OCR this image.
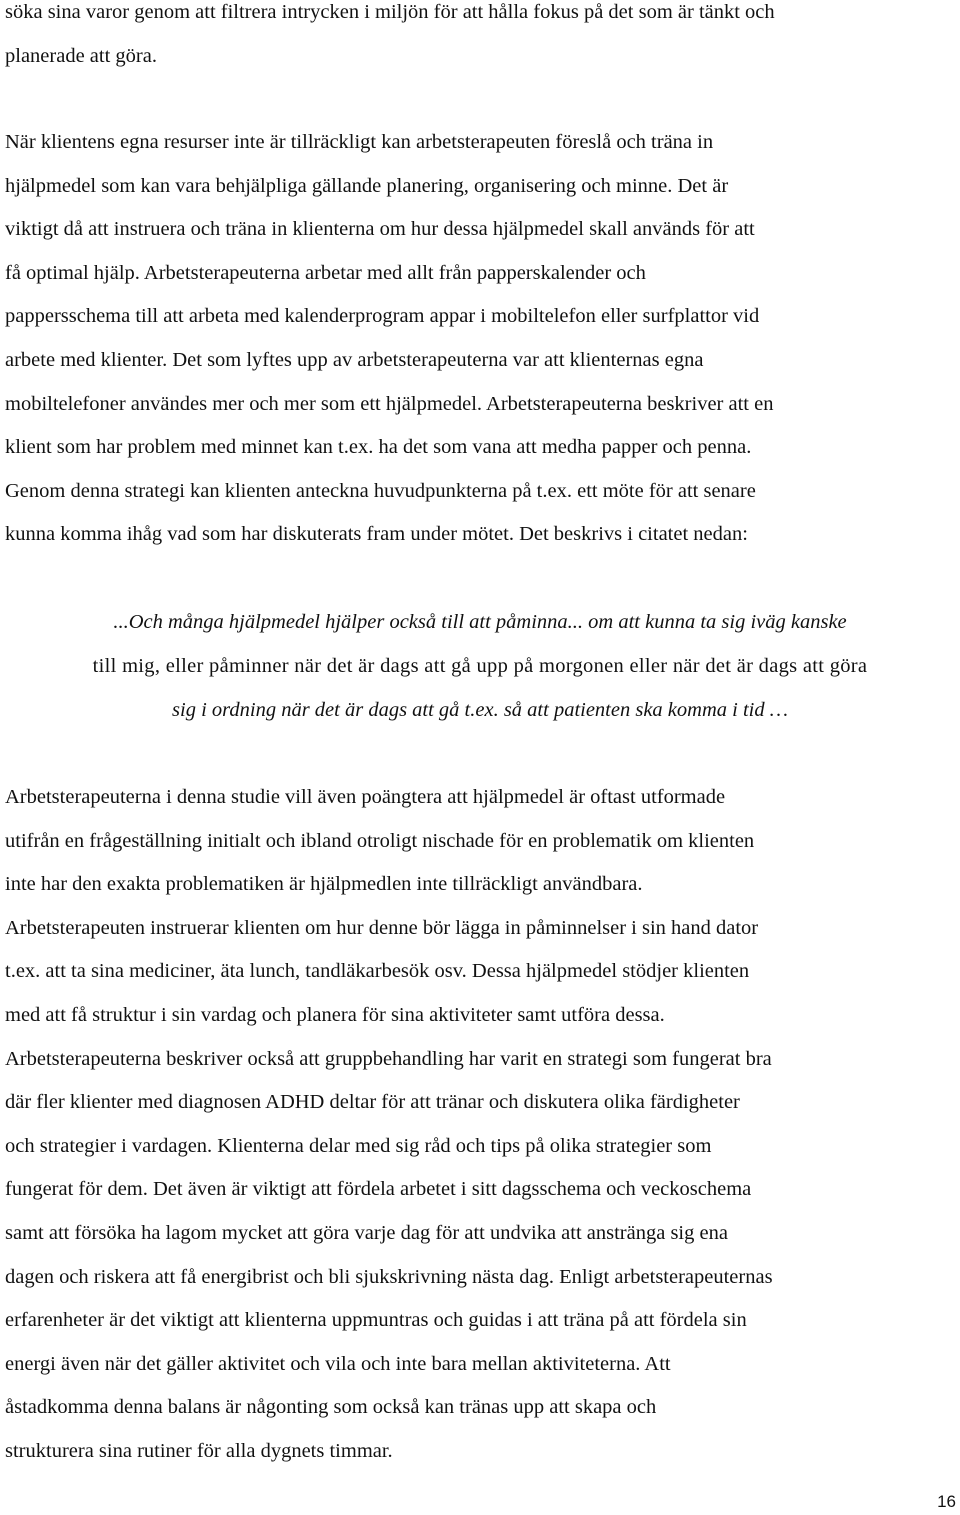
söka sina varor genom att filtrera intrycken i miljön för att hålla fokus på det som är tänkt och
planerade att göra.
När klientens egna resurser inte är tillräckligt kan arbetsterapeuten föreslå och träna in
hjälpmedel som kan vara behjälpliga gällande planering, organisering och minne. Det är
viktigt då att instruera och träna in klienterna om hur dessa hjälpmedel skall används för att
få optimal hjälp. Arbetsterapeuterna arbetar med allt från papperskalender och
pappersschema till att arbeta med kalenderprogram appar i mobiltelefon eller surfplattor vid
arbete med klienter. Det som lyftes upp av arbetsterapeuterna var att klienternas egna
mobiltelefoner användes mer och mer som ett hjälpmedel. Arbetsterapeuterna beskriver att en
klient som har problem med minnet kan t.ex. ha det som vana att medha papper och penna.
Genom denna strategi kan klienten anteckna huvudpunkterna på t.ex. ett möte för att senare
kunna komma ihåg vad som har diskuterats fram under mötet. Det beskrivs i citatet nedan:
...Och många hjälpmedel hjälper också till att påminna... om att kunna ta sig iväg kanske
till mig, eller påminner när det är dags att gå upp på morgonen eller när det är dags att göra
sig i ordning när det är dags att gå t.ex. så att patienten ska komma i tid …
Arbetsterapeuterna i denna studie vill även poängtera att hjälpmedel är oftast utformade
utifrån en frågeställning initialt och ibland otroligt nischade för en problematik om klienten
inte har den exakta problematiken är hjälpmedlen inte tillräckligt användbara.
Arbetsterapeuten instruerar klienten om hur denne bör lägga in påminnelser i sin hand dator
t.ex. att ta sina mediciner, äta lunch, tandläkarbesök osv. Dessa hjälpmedel stödjer klienten
med att få struktur i sin vardag och planera för sina aktiviteter samt utföra dessa.
Arbetsterapeuterna beskriver också att gruppbehandling har varit en strategi som fungerat bra
där fler klienter med diagnosen ADHD deltar för att tränar och diskutera olika färdigheter
och strategier i vardagen. Klienterna delar med sig råd och tips på olika strategier som
fungerat för dem. Det även är viktigt att fördela arbetet i sitt dagsschema och veckoschema
samt att försöka ha lagom mycket att göra varje dag för att undvika att anstränga sig ena
dagen och riskera att få energibrist och bli sjukskrivning nästa dag. Enligt arbetsterapeuternas
erfarenheter är det viktigt att klienterna uppmuntras och guidas i att träna på att fördela sin
energi även när det gäller aktivitet och vila och inte bara mellan aktiviteterna. Att
åstadkomma denna balans är någonting som också kan tränas upp att skapa och
strukturera sina rutiner för alla dygnets timmar.
16
